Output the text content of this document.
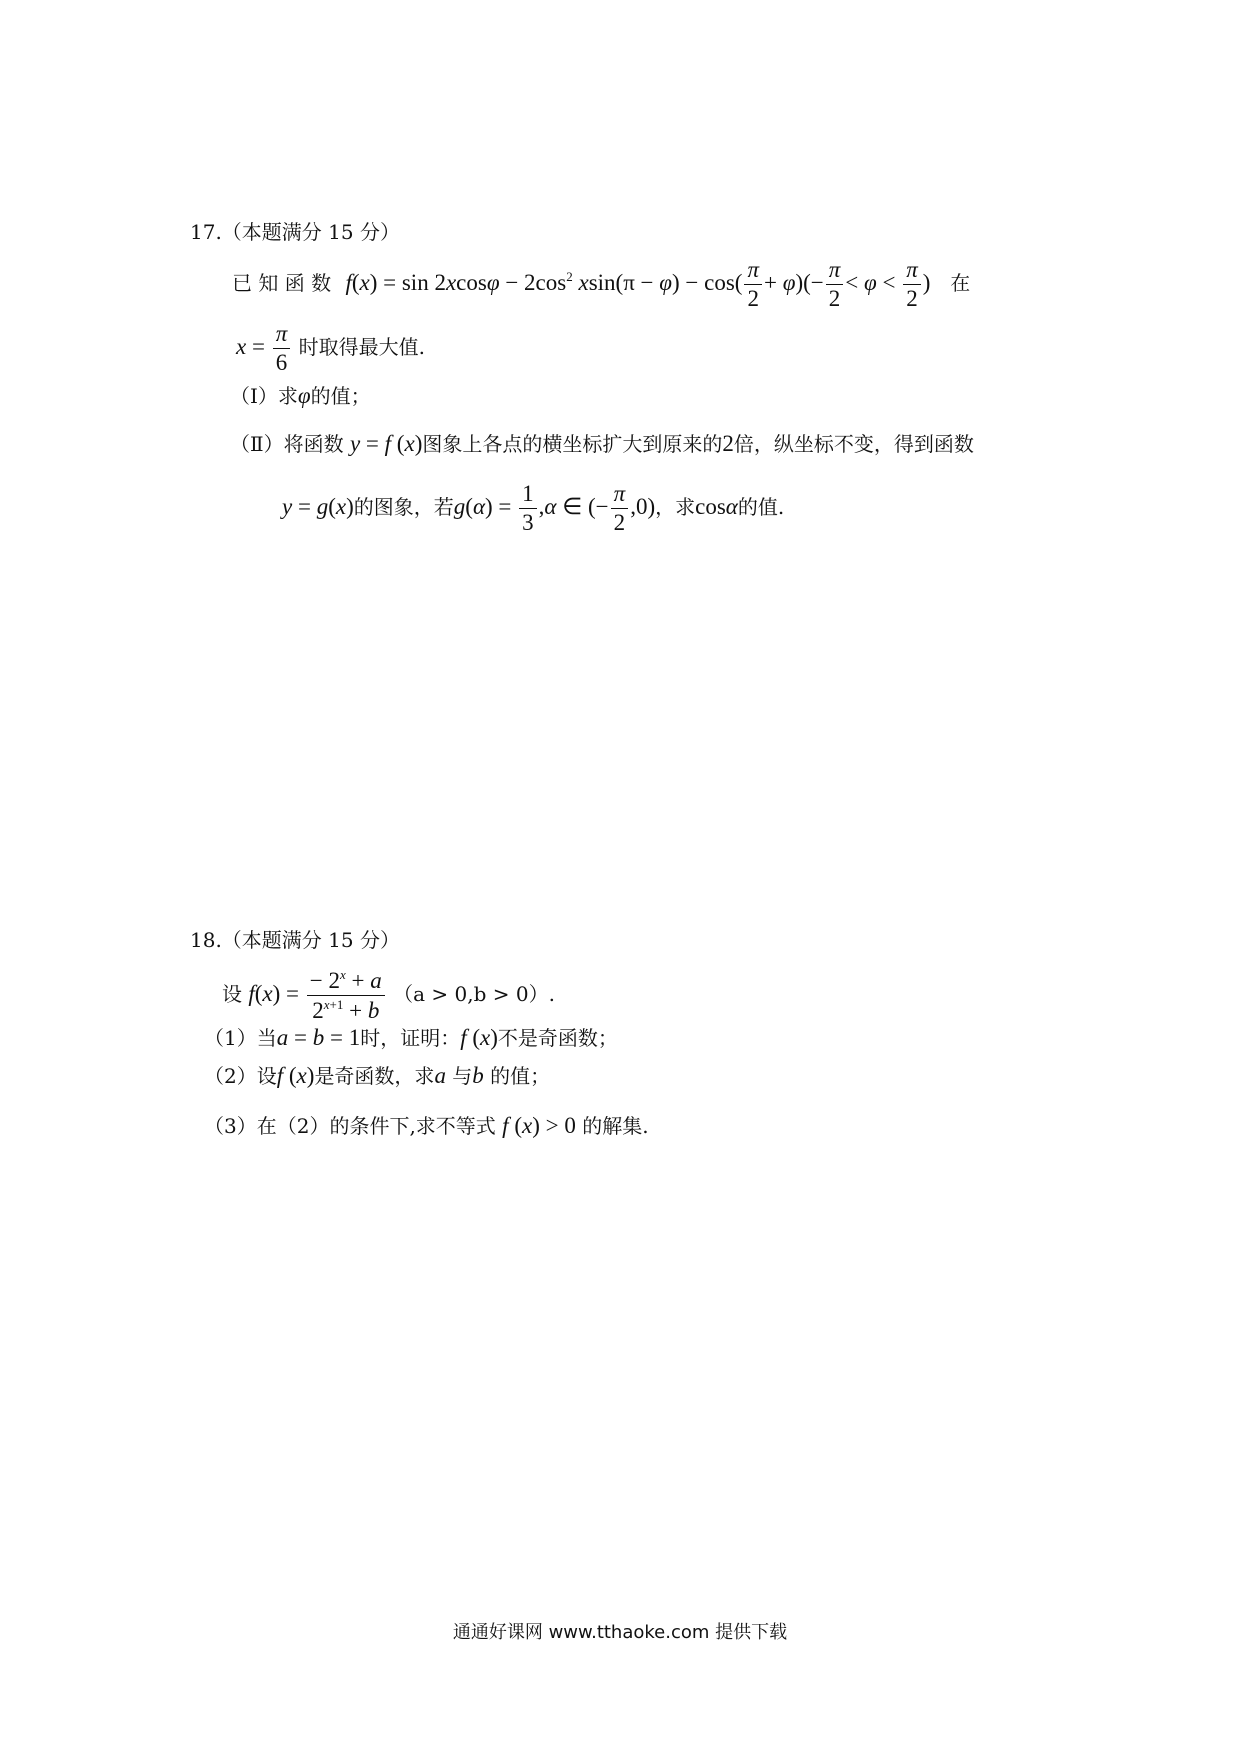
17.（本题满分 15 分）
已 知 函 数 $f(x) = \sin 2xcos\varphi - 2\cos^2$ $xsin(\pi - \varphi) - \cos( \frac{\pi}{2} + \varphi)(- \frac{\pi}{2} < \varphi < \frac{\pi}{2}$ ) 在
$x = \frac{\pi}{6}$ 时取得最大值.
（Ⅰ）求φ的值；
（Ⅱ）将函数 y = f (x)图象上各点的横坐标扩大到原来的2倍，纵坐标不变，得到函数
y = g(x)的图象，若$g(\alpha) = \frac{1}{3} ,\alpha$ ∈ (− $\frac{\pi}{2} ,0$)，求cosα的值.
18.（本题满分 15 分）
设 $f(x) = \frac{- 2^x + a}{2^{x+1} + b} (a > 0,b > 0)$.
（1）当a = b = 1时，证明：f (x)不是奇函数；
（2）设f (x)是奇函数，求a 与b 的值；
（3）在（2）的条件下,求不等式 f (x) > 0 的解集.
通通好课网 www.tthaoke.com 提供下载
